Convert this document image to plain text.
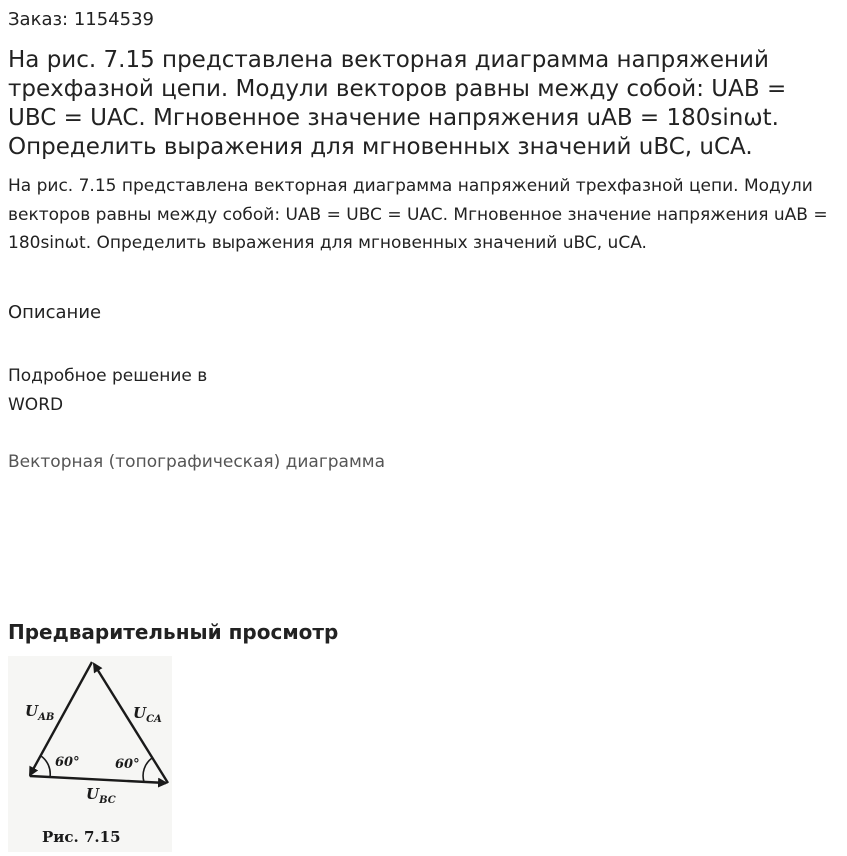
Заказ: 1154539
На рис. 7.15 представлена векторная диаграмма напряжений трехфазной цепи. Модули векторов равны между собой: UAB = UBC = UAC. Мгновенное значение напряжения uAB = 180sinωt. Определить выражения для мгновенных значений uBC, uCA.

На рис. 7.15 представлена векторная диаграмма напряжений трехфазной цепи. Модули векторов равны между собой: UAB = UBC = UAC. Мгновенное значение напряжения uAB = 180sinωt. Определить выражения для мгновенных значений uBC, uCA.

Описание
Подробное решение в
WORD
Векторная (топографическая) диаграмма
Предварительный просмотр
$U_{AB}$	$U_{CA}$
$U_{BC}$
60°	60°
Рис. 7.15
